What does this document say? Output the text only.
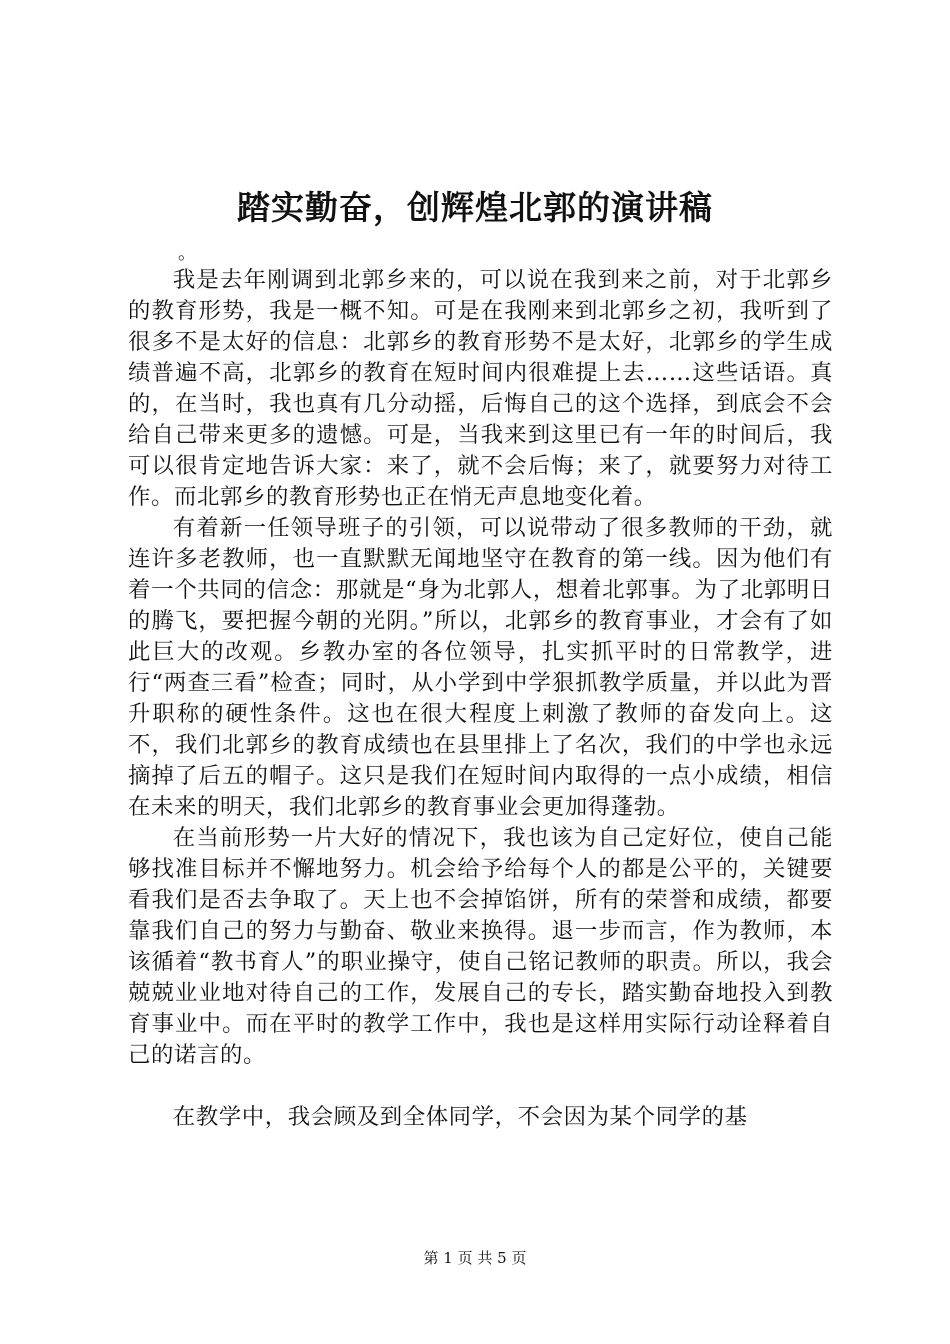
踏实勤奋，创辉煌北郭的演讲稿
。

我是去年刚调到北郭乡来的，可以说在我到来之前，对于北郭乡的教育形势，我是一概不知。可是在我刚来到北郭乡之初，我听到了很多不是太好的信息：北郭乡的教育形势不是太好，北郭乡的学生成绩普遍不高，北郭乡的教育在短时间内很难提上去……这些话语。真的，在当时，我也真有几分动摇，后悔自己的这个选择，到底会不会给自己带来更多的遗憾。可是，当我来到这里已有一年的时间后，我可以很肯定地告诉大家：来了，就不会后悔；来了，就要努力对待工作。而北郭乡的教育形势也正在悄无声息地变化着。

有着新一任领导班子的引领，可以说带动了很多教师的干劲，就连许多老教师，也一直默默无闻地坚守在教育的第一线。因为他们有着一个共同的信念：那就是“身为北郭人，想着北郭事。为了北郭明日的腾飞，要把握今朝的光阴。”所以，北郭乡的教育事业，才会有了如此巨大的改观。乡教办室的各位领导，扎实抓平时的日常教学，进行“两查三看”检查；同时，从小学到中学狠抓教学质量，并以此为晋升职称的硬性条件。这也在很大程度上刺激了教师的奋发向上。这不，我们北郭乡的教育成绩也在县里排上了名次，我们的中学也永远摘掉了后五的帽子。这只是我们在短时间内取得的一点小成绩，相信在未来的明天，我们北郭乡的教育事业会更加得蓬勃。

在当前形势一片大好的情况下，我也该为自己定好位，使自己能够找准目标并不懈地努力。机会给予给每个人的都是公平的，关键要看我们是否去争取了。天上也不会掉馅饼，所有的荣誉和成绩，都要靠我们自己的努力与勤奋、敬业来换得。退一步而言，作为教师，本该循着“教书育人”的职业操守，使自己铭记教师的职责。所以，我会兢兢业业地对待自己的工作，发展自己的专长，踏实勤奋地投入到教育事业中。而在平时的教学工作中，我也是这样用实际行动诠释着自己的诺言的。

在教学中，我会顾及到全体同学，不会因为某个同学的基

第 1 页 共 5 页
